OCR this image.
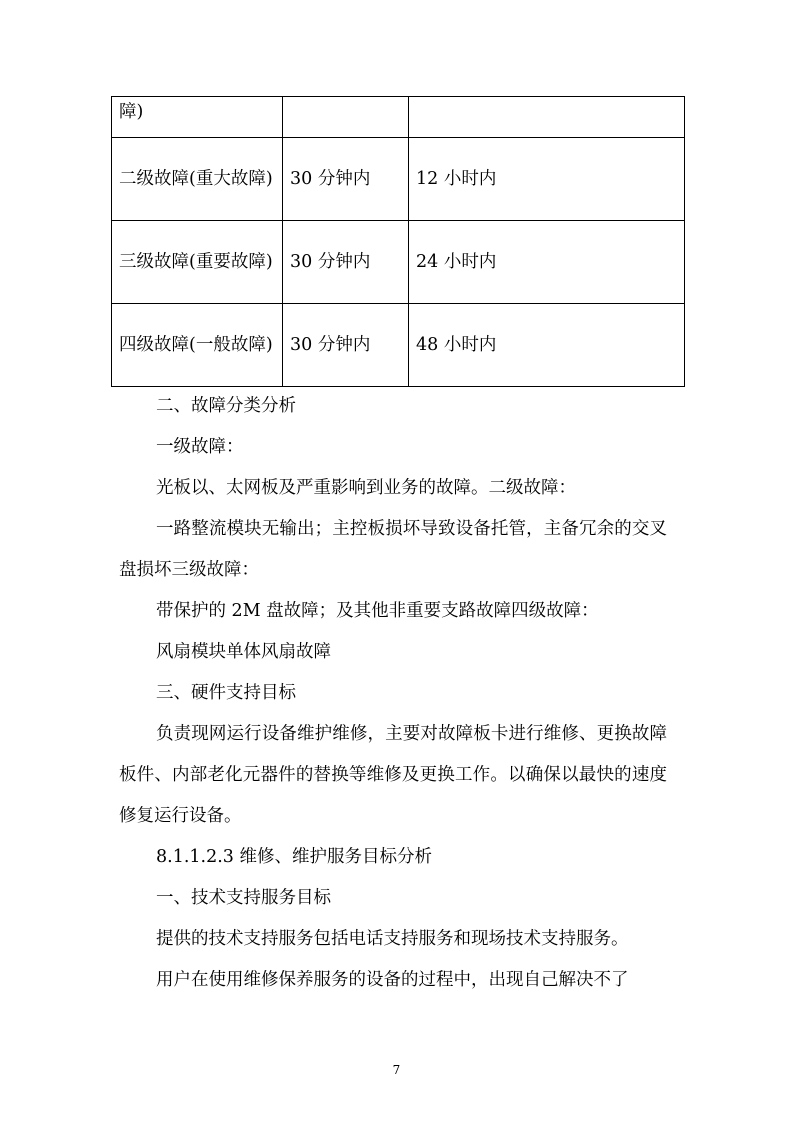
障)		
二级故障(重大故障)	30 分钟内	12 小时内
三级故障(重要故障)	30 分钟内	24 小时内
四级故障(一般故障)	30 分钟内	48 小时内

二、故障分类分析

一级故障：

光板以、太网板及严重影响到业务的故障。二级故障：

一路整流模块无输出；主控板损坏导致设备托管，主备冗余的交叉盘损坏三级故障：

带保护的 2M 盘故障；及其他非重要支路故障四级故障：

风扇模块单体风扇故障

三、硬件支持目标

负责现网运行设备维护维修，主要对故障板卡进行维修、更换故障板件、内部老化元器件的替换等维修及更换工作。以确保以最快的速度修复运行设备。

8.1.1.2.3 维修、维护服务目标分析

一、技术支持服务目标

提供的技术支持服务包括电话支持服务和现场技术支持服务。

用户在使用维修保养服务的设备的过程中，出现自己解决不了

7
